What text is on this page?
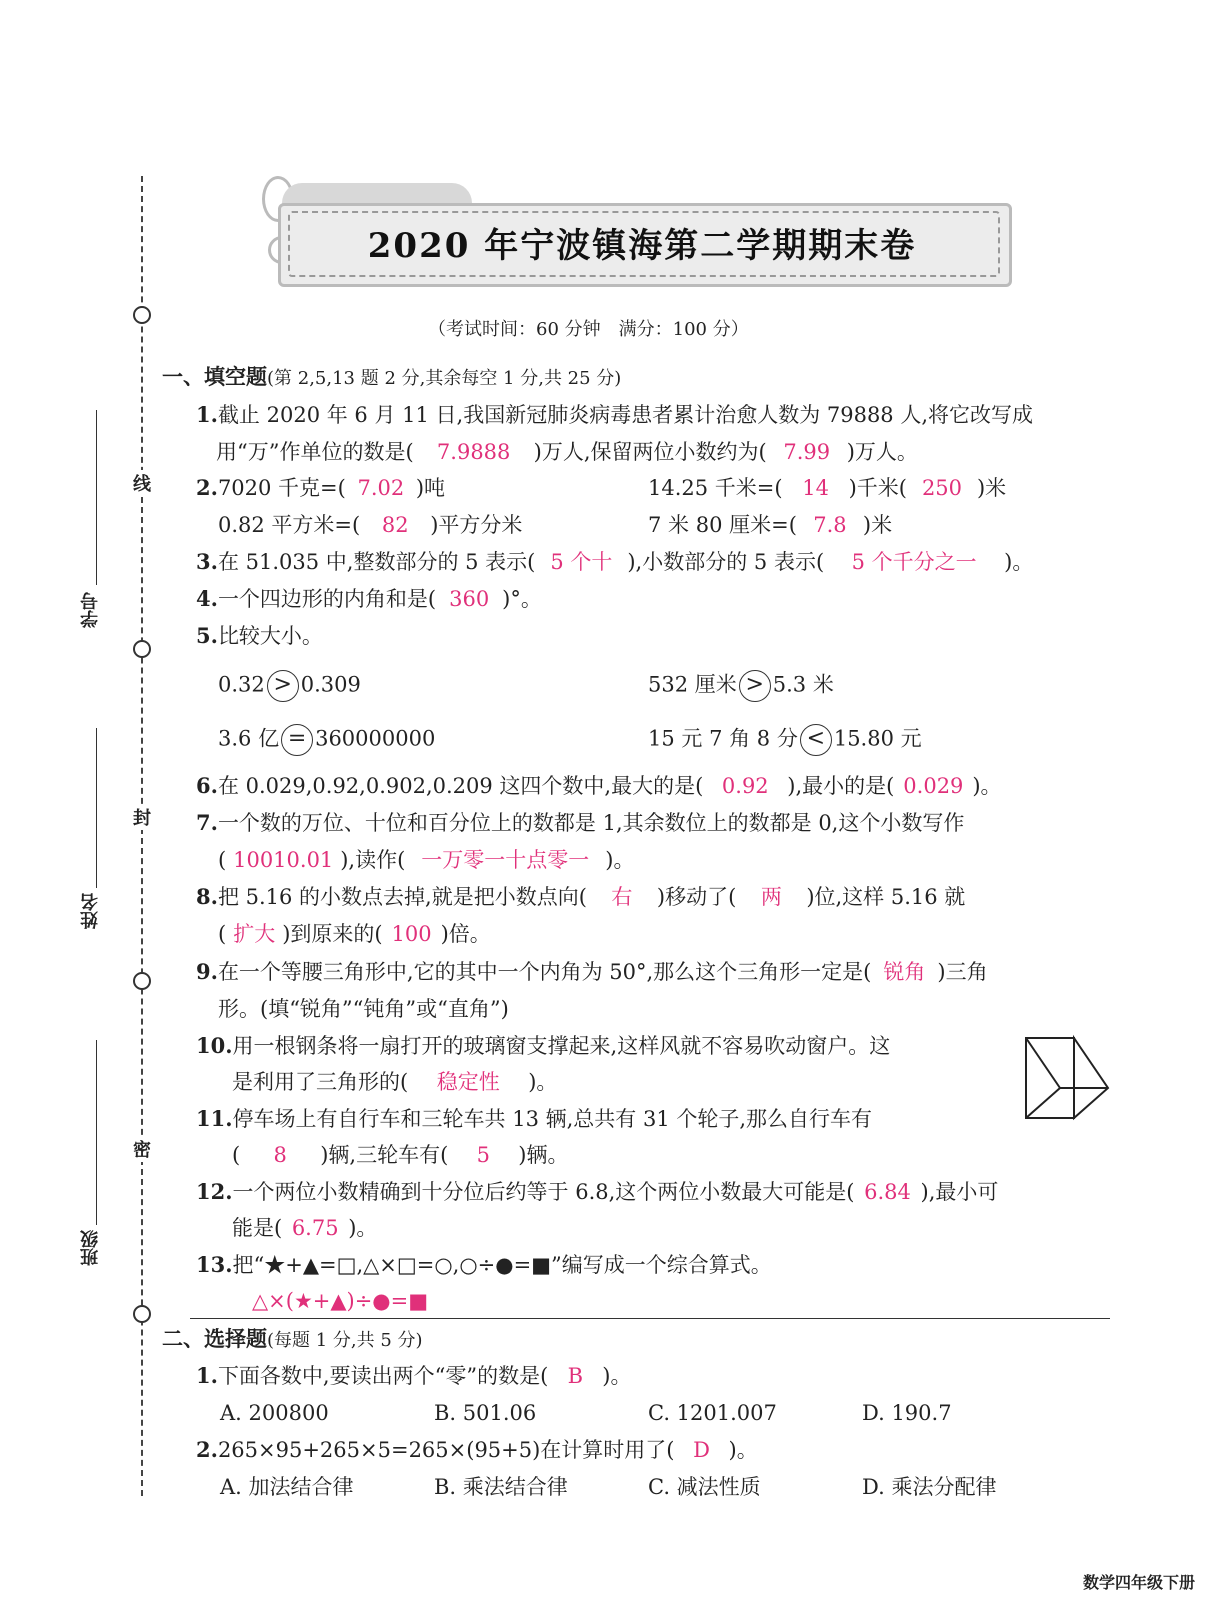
线
封
密
学号
姓名
班级
2020 年宁波镇海第二学期期末卷
（考试时间：60 分钟　满分：100 分）
一、填空题(第 2,5,13 题 2 分,其余每空 1 分,共 25 分)
1.截止 2020 年 6 月 11 日,我国新冠肺炎病毒患者累计治愈人数为 79888 人,将它改写成
用“万”作单位的数是( 7.9888 )万人,保留两位小数约为( 7.99 )万人。
2.7020 千克=( 7.02 )吨	14.25 千米=( 14 )千米( 250 )米
0.82 平方米=( 82 )平方分米	7 米 80 厘米=( 7.8 )米
3.在 51.035 中,整数部分的 5 表示( 5 个十 ),小数部分的 5 表示( 5 个千分之一 )。
4.一个四边形的内角和是( 360 )°。
5.比较大小。
0.32 > 0.309	532 厘米 > 5.3 米
3.6 亿 = 360000000	15 元 7 角 8 分 < 15.80 元
6.在 0.029,0.92,0.902,0.209 这四个数中,最大的是( 0.92 ),最小的是( 0.029 )。
7.一个数的万位、十位和百分位上的数都是 1,其余数位上的数都是 0,这个小数写作
( 10010.01 ),读作( 一万零一十点零一 )。
8.把 5.16 的小数点去掉,就是把小数点向( 右 )移动了( 两 )位,这样 5.16 就
( 扩大 )到原来的( 100 )倍。
9.在一个等腰三角形中,它的其中一个内角为 50°,那么这个三角形一定是( 锐角 )三角
形。(填“锐角”“钝角”或“直角”)
10.用一根钢条将一扇打开的玻璃窗支撑起来,这样风就不容易吹动窗户。这
是利用了三角形的( 稳定性 )。
11.停车场上有自行车和三轮车共 13 辆,总共有 31 个轮子,那么自行车有
( 8 )辆,三轮车有( 5 )辆。
12.一个两位小数精确到十分位后约等于 6.8,这个两位小数最大可能是( 6.84 ),最小可
能是( 6.75 )。
13.把“★+▲=□,△×□=○,○÷●=■”编写成一个综合算式。
△×(★+▲)÷●=■
二、选择题(每题 1 分,共 5 分)
1.下面各数中,要读出两个“零”的数是( B )。
A. 200800	B. 501.06	C. 1201.007	D. 190.7
2.265×95+265×5=265×(95+5)在计算时用了( D )。
A. 加法结合律	B. 乘法结合律	C. 减法性质	D. 乘法分配律
数学四年级下册
